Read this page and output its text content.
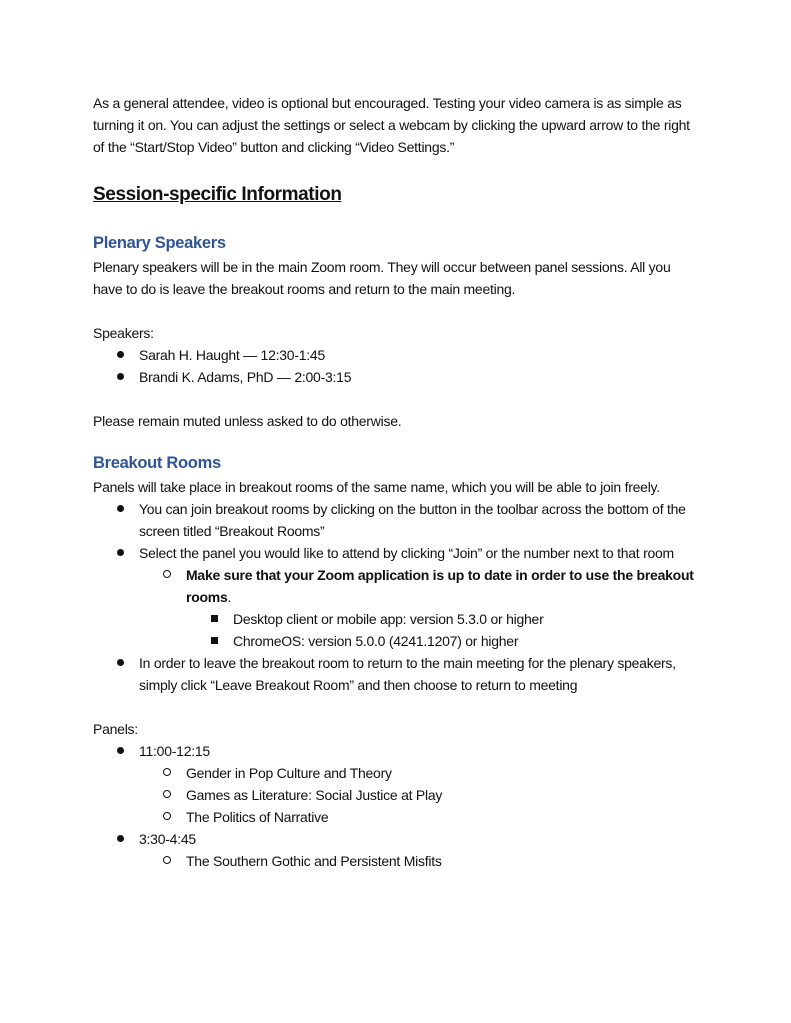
As a general attendee, video is optional but encouraged. Testing your video camera is as simple as turning it on. You can adjust the settings or select a webcam by clicking the upward arrow to the right of the “Start/Stop Video” button and clicking “Video Settings.”

Session-specific Information
Plenary Speakers

Plenary speakers will be in the main Zoom room. They will occur between panel sessions. All you have to do is leave the breakout rooms and return to the main meeting.

Speakers:

Sarah H. Haught — 12:30-1:45
Brandi K. Adams, PhD — 2:00-3:15

Please remain muted unless asked to do otherwise.

Breakout Rooms

Panels will take place in breakout rooms of the same name, which you will be able to join freely.

You can join breakout rooms by clicking on the button in the toolbar across the bottom of the screen titled “Breakout Rooms”
Select the panel you would like to attend by clicking “Join” or the number next to that room
Make sure that your Zoom application is up to date in order to use the breakout rooms.
Desktop client or mobile app: version 5.3.0 or higher
ChromeOS: version 5.0.0 (4241.1207) or higher
In order to leave the breakout room to return to the main meeting for the plenary speakers, simply click “Leave Breakout Room” and then choose to return to meeting

Panels:

11:00-12:15
Gender in Pop Culture and Theory
Games as Literature: Social Justice at Play
The Politics of Narrative
3:30-4:45
The Southern Gothic and Persistent Misfits
